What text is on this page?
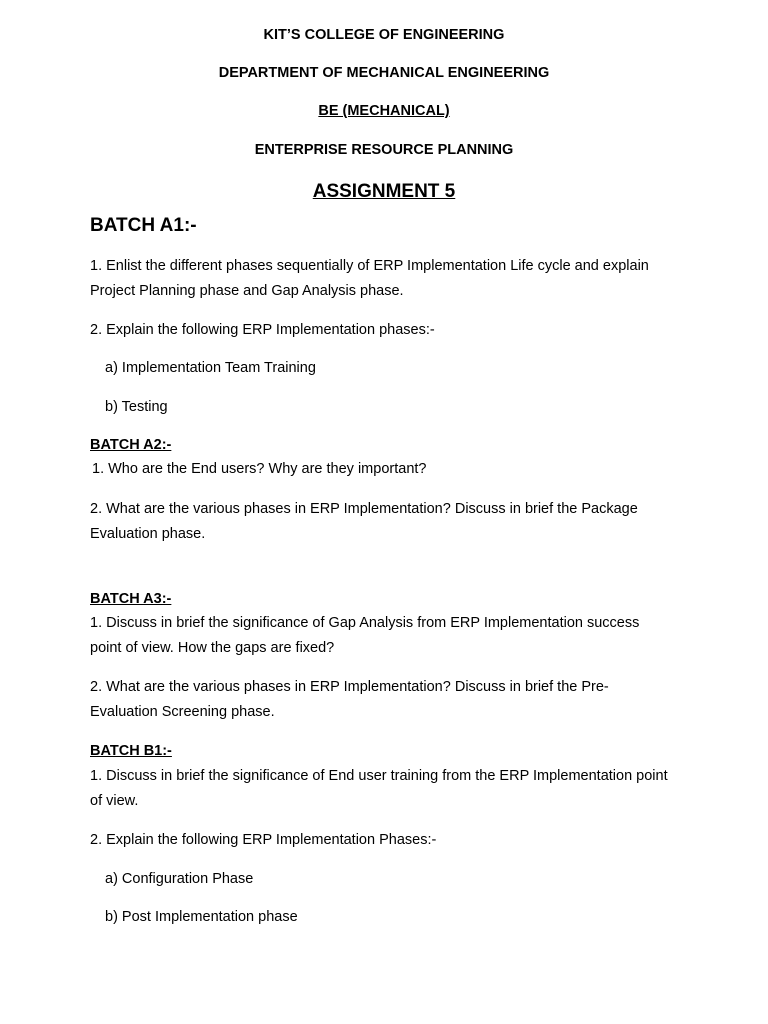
KIT’S COLLEGE OF ENGINEERING

DEPARTMENT OF MECHANICAL ENGINEERING

BE (MECHANICAL)

ENTERPRISE RESOURCE PLANNING

ASSIGNMENT 5

BATCH A1:-

1. Enlist the different phases sequentially of ERP Implementation Life cycle and explain Project Planning phase and Gap Analysis phase.

2. Explain the following ERP Implementation phases:-

a) Implementation Team Training

b) Testing

BATCH A2:-

1. Who are the End users? Why are they important?

2. What are the various phases in ERP Implementation? Discuss in brief the Package Evaluation phase.

BATCH A3:-

1. Discuss in brief the significance of Gap Analysis from ERP Implementation success point of view. How the gaps are fixed?

2. What are the various phases in ERP Implementation? Discuss in brief the Pre-Evaluation Screening phase.

BATCH B1:-

1. Discuss in brief the significance of End user training from the ERP Implementation point of view.

2. Explain the following ERP Implementation Phases:-

a) Configuration Phase

b) Post Implementation phase
